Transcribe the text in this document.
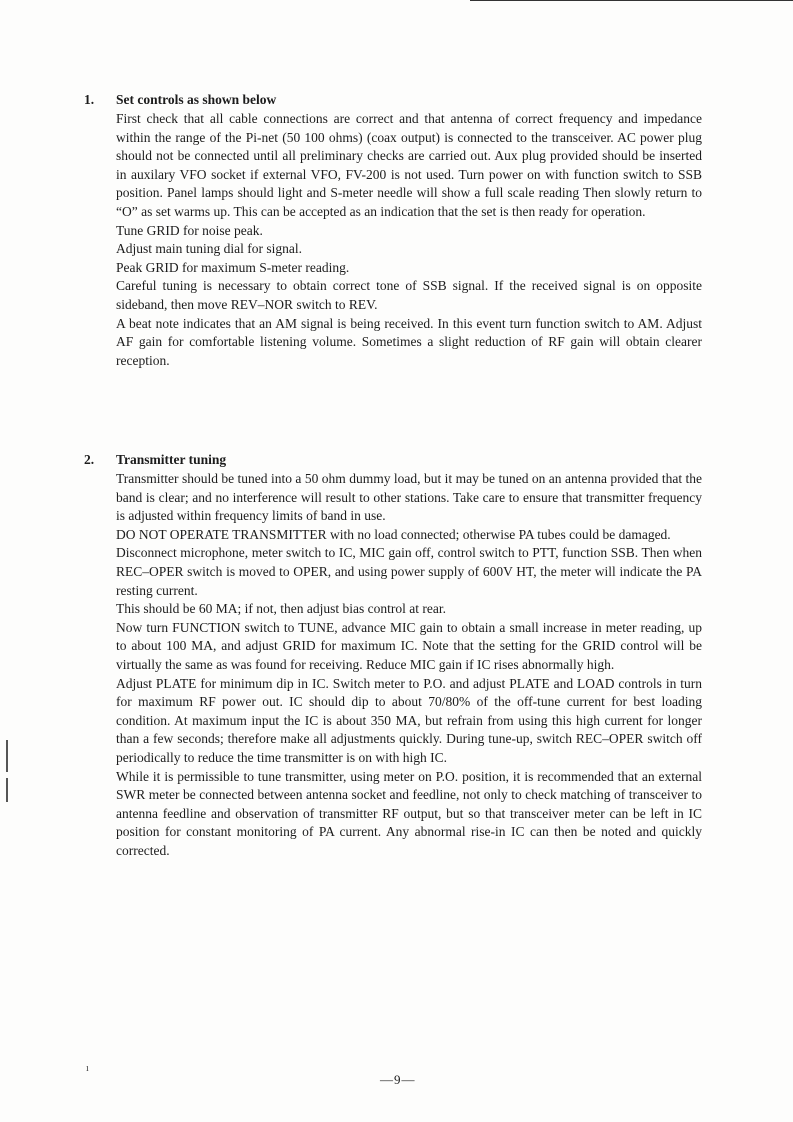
ı
1. Set controls as shown below

First check that all cable connections are correct and that antenna of correct frequency and impedance within the range of the Pi-net (50 100 ohms) (coax output) is connected to the transceiver. AC power plug should not be connected until all preliminary checks are carried out. Aux plug provided should be inserted in auxilary VFO socket if external VFO, FV-200 is not used. Turn power on with function switch to SSB position. Panel lamps should light and S-meter needle will show a full scale reading Then slowly return to “O” as set warms up. This can be accepted as an indication that the set is then ready for operation.

Tune GRID for noise peak.

Adjust main tuning dial for signal.

Peak GRID for maximum S-meter reading.

Careful tuning is necessary to obtain correct tone of SSB signal. If the received signal is on opposite sideband, then move REV–NOR switch to REV.

A beat note indicates that an AM signal is being received. In this event turn function switch to AM. Adjust AF gain for comfortable listening volume. Sometimes a slight reduction of RF gain will obtain clearer reception.

2. Transmitter tuning

Transmitter should be tuned into a 50 ohm dummy load, but it may be tuned on an antenna provided that the band is clear; and no interference will result to other stations. Take care to ensure that transmitter frequency is adjusted within frequency limits of band in use.

DO NOT OPERATE TRANSMITTER with no load connected; otherwise PA tubes could be damaged.

Disconnect microphone, meter switch to IC, MIC gain off, control switch to PTT, function SSB. Then when REC–OPER switch is moved to OPER, and using power supply of 600V HT, the meter will indicate the PA resting current.

This should be 60 MA; if not, then adjust bias control at rear.

Now turn FUNCTION switch to TUNE, advance MIC gain to obtain a small increase in meter reading, up to about 100 MA, and adjust GRID for maximum IC. Note that the setting for the GRID control will be virtually the same as was found for receiving. Reduce MIC gain if IC rises abnormally high.

Adjust PLATE for minimum dip in IC. Switch meter to P.O. and adjust PLATE and LOAD controls in turn for maximum RF power out. IC should dip to about 70/80% of the off-tune current for best loading condition. At maximum input the IC is about 350 MA, but refrain from using this high current for longer than a few seconds; therefore make all adjustments quickly. During tune-up, switch REC–OPER switch off periodically to reduce the time transmitter is on with high IC.

While it is permissible to tune transmitter, using meter on P.O. position, it is recommended that an external SWR meter be connected between antenna socket and feedline, not only to check matching of transceiver to antenna feedline and observation of transmitter RF output, but so that transceiver meter can be left in IC position for constant monitoring of PA current. Any abnormal rise-in IC can then be noted and quickly corrected.

—9—
